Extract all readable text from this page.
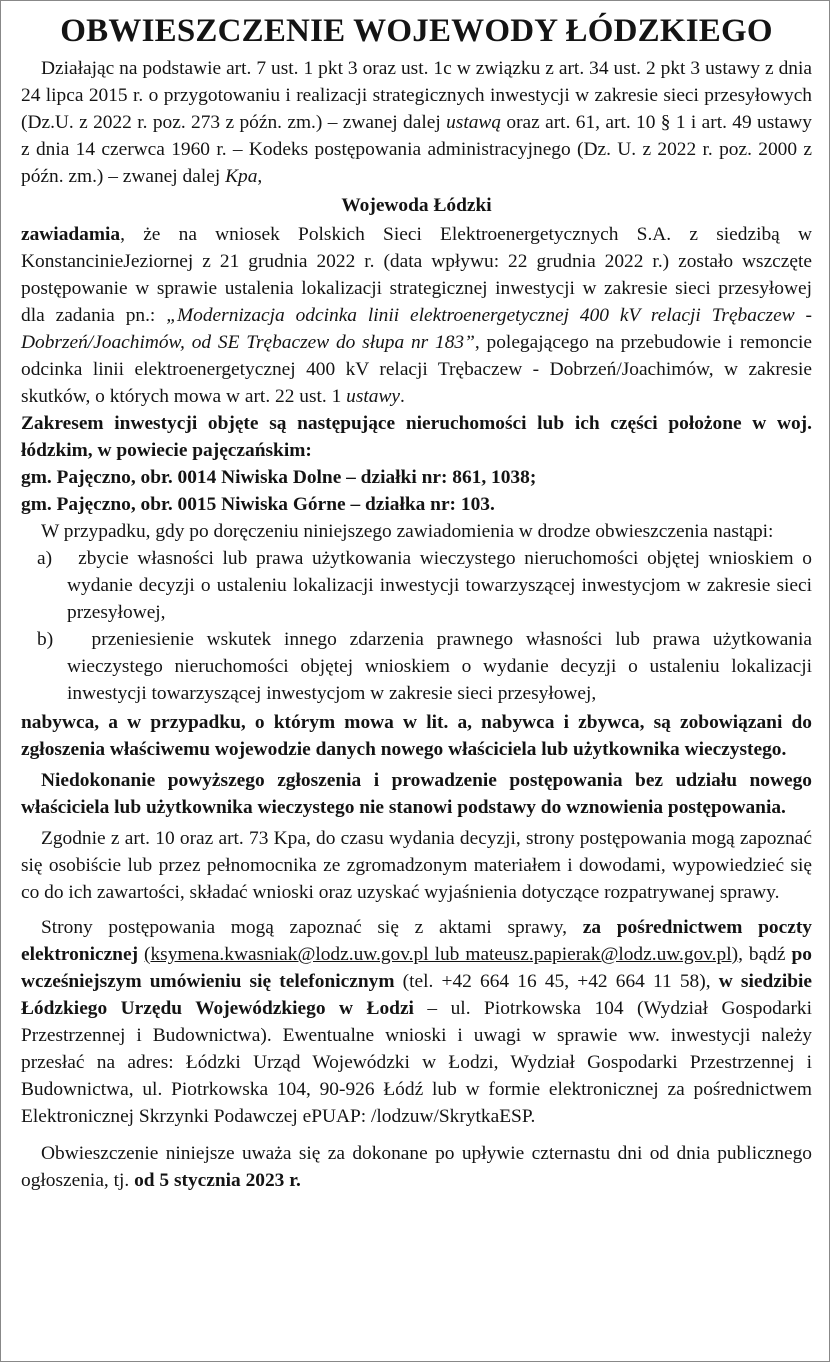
OBWIESZCZENIE WOJEWODY ŁÓDZKIEGO

Działając na podstawie art. 7 ust. 1 pkt 3 oraz ust. 1c w związku z art. 34 ust. 2 pkt 3 ustawy z dnia 24 lipca 2015 r. o przygotowaniu i realizacji strategicznych inwestycji w zakresie sieci przesyłowych (Dz.U. z 2022 r. poz. 273 z późn. zm.) – zwanej dalej ustawą oraz art. 61, art. 10 § 1 i art. 49 ustawy z dnia 14 czerwca 1960 r. – Kodeks postępowania administracyjnego (Dz. U. z 2022 r. poz. 2000 z późn. zm.) – zwanej dalej Kpa,

Wojewoda Łódzki

zawiadamia, że na wniosek Polskich Sieci Elektroenergetycznych S.A. z siedzibą w KonstancinieJeziornej z 21 grudnia 2022 r. (data wpływu: 22 grudnia 2022 r.) zostało wszczęte postępowanie w sprawie ustalenia lokalizacji strategicznej inwestycji w zakresie sieci przesyłowej dla zadania pn.: „Modernizacja odcinka linii elektroenergetycznej 400 kV relacji Trębaczew - Dobrzeń/Joachimów, od SE Trębaczew do słupa nr 183”, polegającego na przebudowie i remoncie odcinka linii elektroenergetycznej 400 kV relacji Trębaczew - Dobrzeń/Joachimów, w zakresie skutków, o których mowa w art. 22 ust. 1 ustawy.

Zakresem inwestycji objęte są następujące nieruchomości lub ich części położone w woj. łódzkim, w powiecie pajęczańskim:

gm. Pajęczno, obr. 0014 Niwiska Dolne – działki nr: 861, 1038;

gm. Pajęczno, obr. 0015 Niwiska Górne – działka nr: 103.

W przypadku, gdy po doręczeniu niniejszego zawiadomienia w drodze obwieszczenia nastąpi:

a) zbycie własności lub prawa użytkowania wieczystego nieruchomości objętej wnioskiem o wydanie decyzji o ustaleniu lokalizacji inwestycji towarzyszącej inwestycjom w zakresie sieci przesyłowej,
b) przeniesienie wskutek innego zdarzenia prawnego własności lub prawa użytkowania wieczystego nieruchomości objętej wnioskiem o wydanie decyzji o ustaleniu lokalizacji inwestycji towarzyszącej inwestycjom w zakresie sieci przesyłowej,

nabywca, a w przypadku, o którym mowa w lit. a, nabywca i zbywca, są zobowiązani do zgłoszenia właściwemu wojewodzie danych nowego właściciela lub użytkownika wieczystego.

Niedokonanie powyższego zgłoszenia i prowadzenie postępowania bez udziału nowego właściciela lub użytkownika wieczystego nie stanowi podstawy do wznowienia postępowania.

Zgodnie z art. 10 oraz art. 73 Kpa, do czasu wydania decyzji, strony postępowania mogą zapoznać się osobiście lub przez pełnomocnika ze zgromadzonym materiałem i dowodami, wypowiedzieć się co do ich zawartości, składać wnioski oraz uzyskać wyjaśnienia dotyczące rozpatrywanej sprawy.

Strony postępowania mogą zapoznać się z aktami sprawy, za pośrednictwem poczty elektronicznej (ksymena.kwasniak@lodz.uw.gov.pl lub mateusz.papierak@lodz.uw.gov.pl), bądź po wcześniejszym umówieniu się telefonicznym (tel. +42 664 16 45, +42 664 11 58), w siedzibie Łódzkiego Urzędu Wojewódzkiego w Łodzi – ul. Piotrkowska 104 (Wydział Gospodarki Przestrzennej i Budownictwa). Ewentualne wnioski i uwagi w sprawie ww. inwestycji należy przesłać na adres: Łódzki Urząd Wojewódzki w Łodzi, Wydział Gospodarki Przestrzennej i Budownictwa, ul. Piotrkowska 104, 90-926 Łódź lub w formie elektronicznej za pośrednictwem Elektronicznej Skrzynki Podawczej ePUAP: /lodzuw/SkrytkaESP.

Obwieszczenie niniejsze uważa się za dokonane po upływie czternastu dni od dnia publicznego ogłoszenia, tj. od 5 stycznia 2023 r.
